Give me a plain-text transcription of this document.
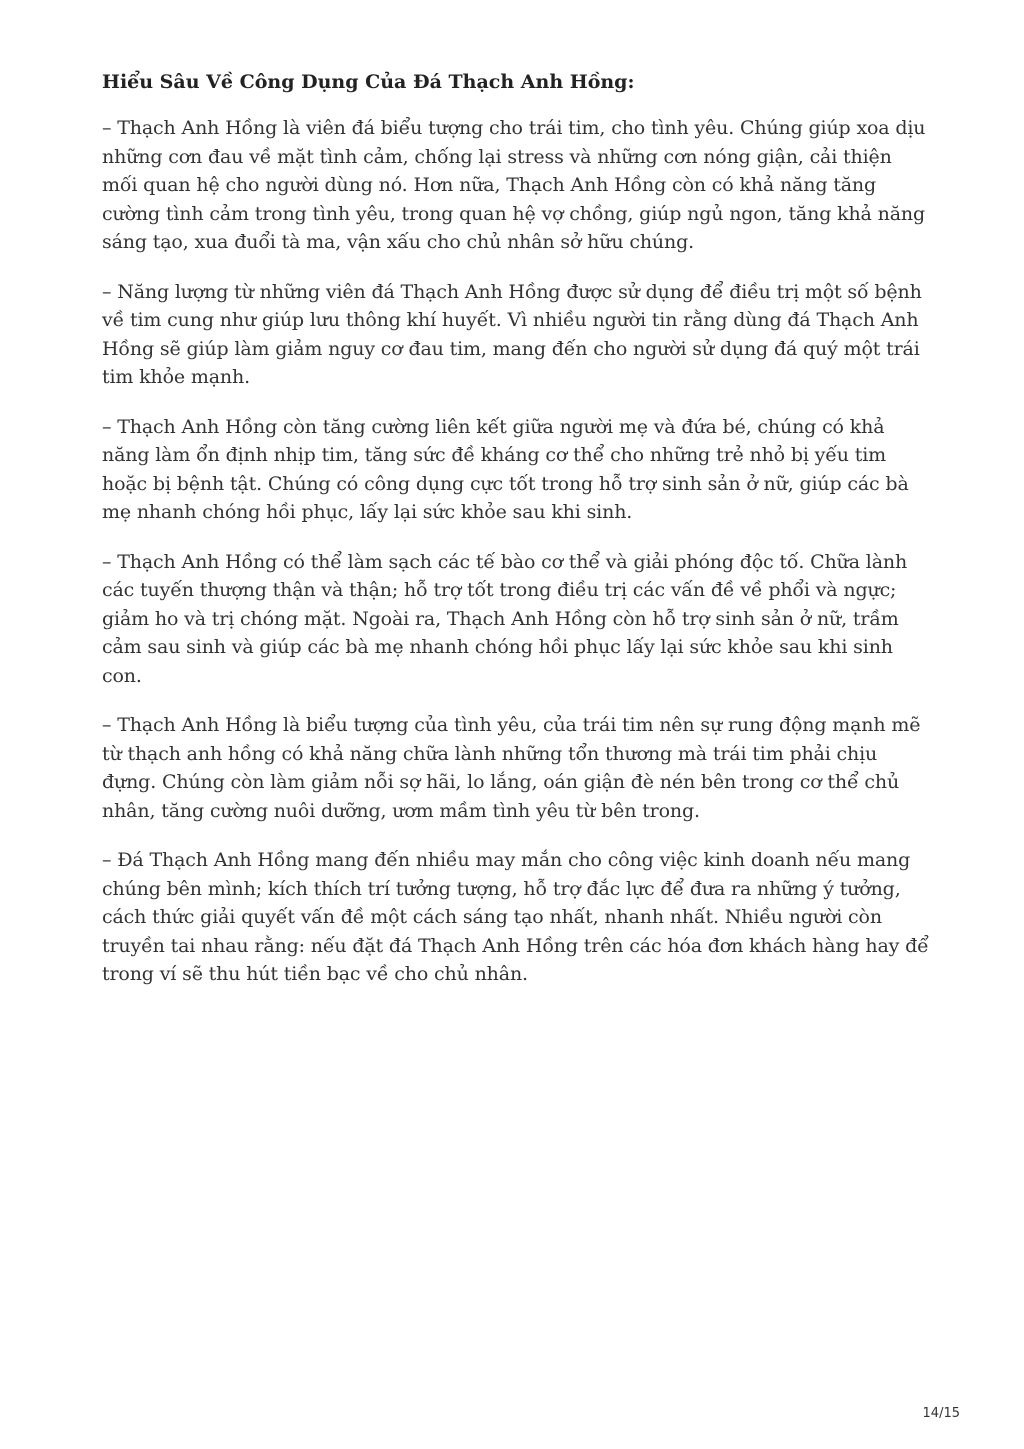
Hiểu Sâu Về Công Dụng Của Đá Thạch Anh Hồng:

– Thạch Anh Hồng là viên đá biểu tượng cho trái tim, cho tình yêu. Chúng giúp xoa dịu những cơn đau về mặt tình cảm, chống lại stress và những cơn nóng giận, cải thiện mối quan hệ cho người dùng nó. Hơn nữa, Thạch Anh Hồng còn có khả năng tăng cường tình cảm trong tình yêu, trong quan hệ vợ chồng, giúp ngủ ngon, tăng khả năng sáng tạo, xua đuổi tà ma, vận xấu cho chủ nhân sở hữu chúng.

– Năng lượng từ những viên đá Thạch Anh Hồng được sử dụng để điều trị một số bệnh về tim cung như giúp lưu thông khí huyết. Vì nhiều người tin rằng dùng đá Thạch Anh Hồng sẽ giúp làm giảm nguy cơ đau tim, mang đến cho người sử dụng đá quý một trái tim khỏe mạnh.

– Thạch Anh Hồng còn tăng cường liên kết giữa người mẹ và đứa bé, chúng có khả năng làm ổn định nhịp tim, tăng sức đề kháng cơ thể cho những trẻ nhỏ bị yếu tim hoặc bị bệnh tật. Chúng có công dụng cực tốt trong hỗ trợ sinh sản ở nữ, giúp các bà mẹ nhanh chóng hồi phục, lấy lại sức khỏe sau khi sinh.

– Thạch Anh Hồng có thể làm sạch các tế bào cơ thể và giải phóng độc tố. Chữa lành các tuyến thượng thận và thận; hỗ trợ tốt trong điều trị các vấn đề về phổi và ngực; giảm ho và trị chóng mặt. Ngoài ra, Thạch Anh Hồng còn hỗ trợ sinh sản ở nữ, trầm cảm sau sinh và giúp các bà mẹ nhanh chóng hồi phục lấy lại sức khỏe sau khi sinh con.

– Thạch Anh Hồng là biểu tượng của tình yêu, của trái tim nên sự rung động mạnh mẽ từ thạch anh hồng có khả năng chữa lành những tổn thương mà trái tim phải chịu đựng. Chúng còn làm giảm nỗi sợ hãi, lo lắng, oán giận đè nén bên trong cơ thể chủ nhân, tăng cường nuôi dưỡng, ươm mầm tình yêu từ bên trong.

– Đá Thạch Anh Hồng mang đến nhiều may mắn cho công việc kinh doanh nếu mang chúng bên mình; kích thích trí tưởng tượng, hỗ trợ đắc lực để đưa ra những ý tưởng, cách thức giải quyết vấn đề một cách sáng tạo nhất, nhanh nhất. Nhiều người còn truyền tai nhau rằng: nếu đặt đá Thạch Anh Hồng trên các hóa đơn khách hàng hay để trong ví sẽ thu hút tiền bạc về cho chủ nhân.

14/15
